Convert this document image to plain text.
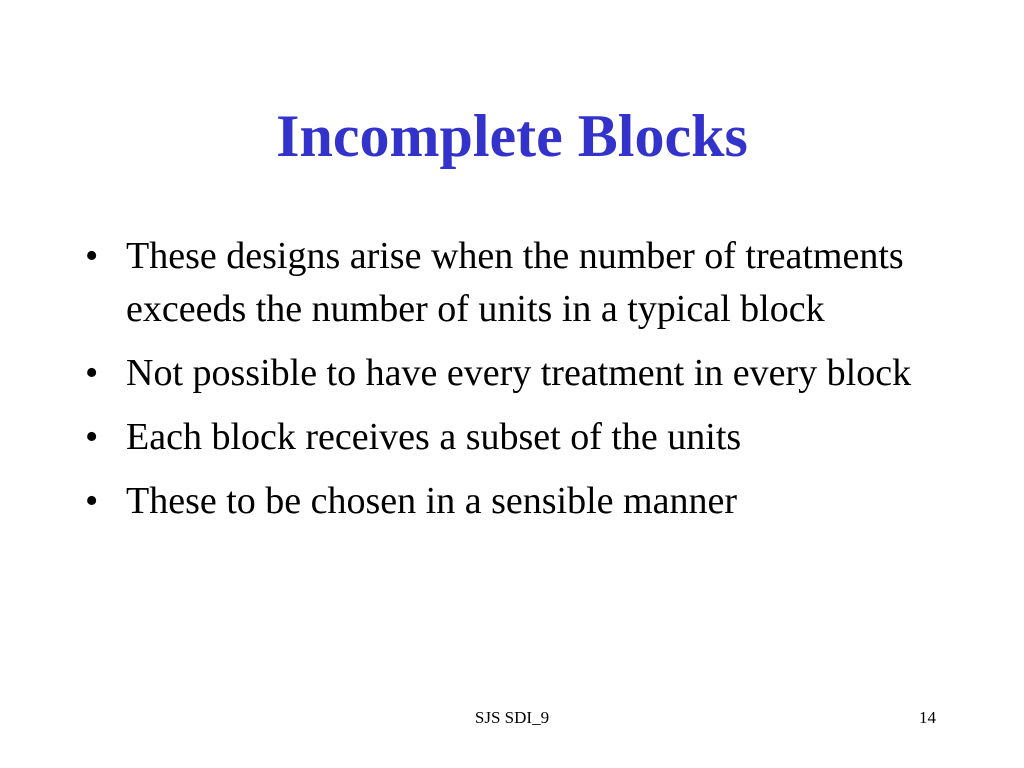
Incomplete Blocks
• These designs arise when the number of treatments exceeds the number of units in a typical block
• Not possible to have every treatment in every block
• Each block receives a subset of the units
• These to be chosen in a sensible manner
SJS SDI_9	14
